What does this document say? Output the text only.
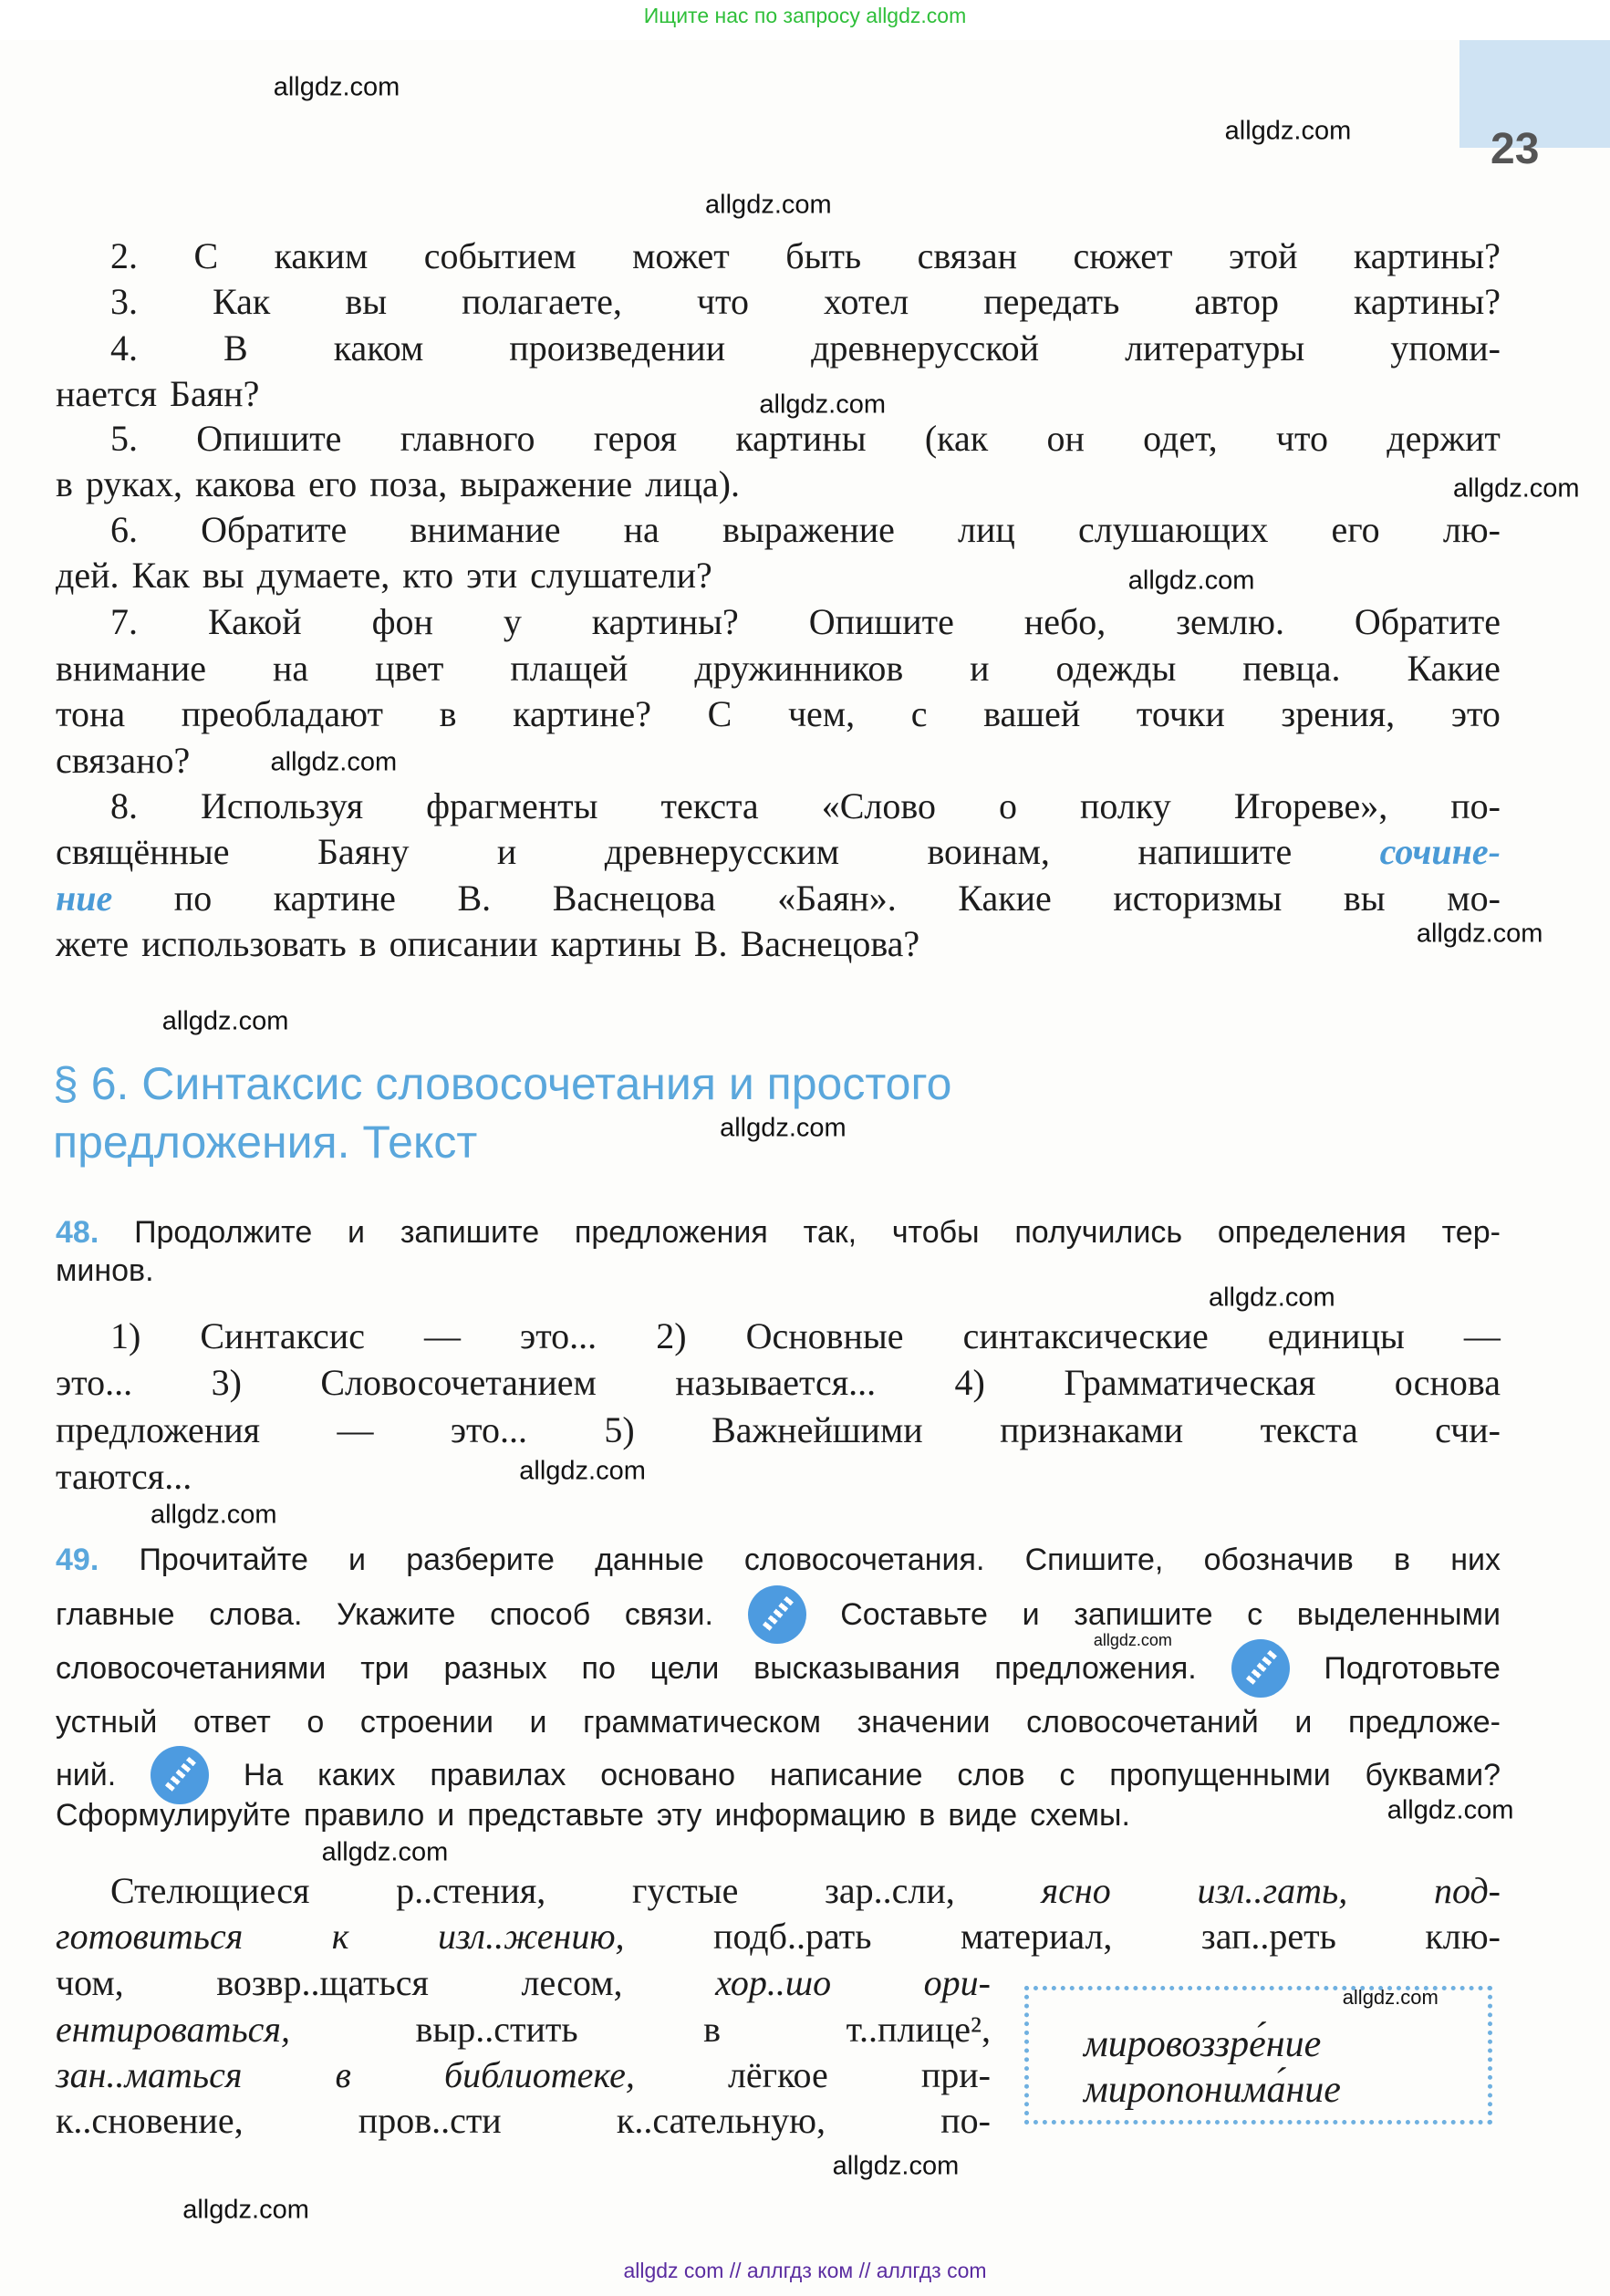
Ищите нас по запросу allgdz.com
23
2. С каким событием может быть связан сюжет этой картины?
3. Как вы полагаете, что хотел передать автор картины?
4. В каком произведении древнерусской литературы упоми-
нается Баян?
5. Опишите главного героя картины (как он одет, что держит
в руках, какова его поза, выражение лица).
6. Обратите внимание на выражение лиц слушающих его лю-
дей. Как вы думаете, кто эти слушатели?
7. Какой фон у картины? Опишите небо, землю. Обратите
внимание на цвет плащей дружинников и одежды певца. Какие
тона преобладают в картине? С чем, с вашей точки зрения, это
связано?
8. Используя фрагменты текста «Слово о полку Игореве», по-
свящённые Баяну и древнерусским воинам, напишите сочине-
ние по картине В. Васнецова «Баян». Какие историзмы вы мо-
жете использовать в описании картины В. Васнецова?
48. Продолжите и запишите предложения так, чтобы получились определения тер-
минов.
1) Синтаксис — это... 2) Основные синтаксические единицы —
это... 3) Словосочетанием называется... 4) Грамматическая основа
предложения — это... 5) Важнейшими признаками текста счи-
таются...
49. Прочитайте и разберите данные словосочетания. Спишите, обозначив в них
главные слова. Укажите способ связи.	Составьте и запишите с выделенными
словосочетаниями три разных по цели высказывания предложения.	Подготовьте
устный ответ о строении и грамматическом значении словосочетаний и предложе-
ний.	На каких правилах основано написание слов с пропущенными буквами?
Сформулируйте правило и представьте эту информацию в виде схемы.
Стелющиеся р..стения, густые зар..сли, ясно изл..гать, под-
готовиться к изл..жению, подб..рать материал, зап..реть клю-
чом,	возвр..щаться	лесом,	хор..шо	ори-
ентироваться,	выр..стить	в	т..плице²,
зан..маться	в	библиотеке,	лёгкое	при-
к..сновение,	пров..сти	к..сательную,	по-
§ 6. Синтаксис словосочетания и простого
предложения. Текст
мировоззре́ние
миропонима́ние
allgdz com // аллгдз ком // аллгдз com
allgdz.com
allgdz.com
allgdz.com
allgdz.com
allgdz.com
allgdz.com
allgdz.com
allgdz.com
allgdz.com
allgdz.com
allgdz.com
allgdz.com
allgdz.com
allgdz.com
allgdz.com
allgdz.com
allgdz.com
allgdz.com
allgdz.com
